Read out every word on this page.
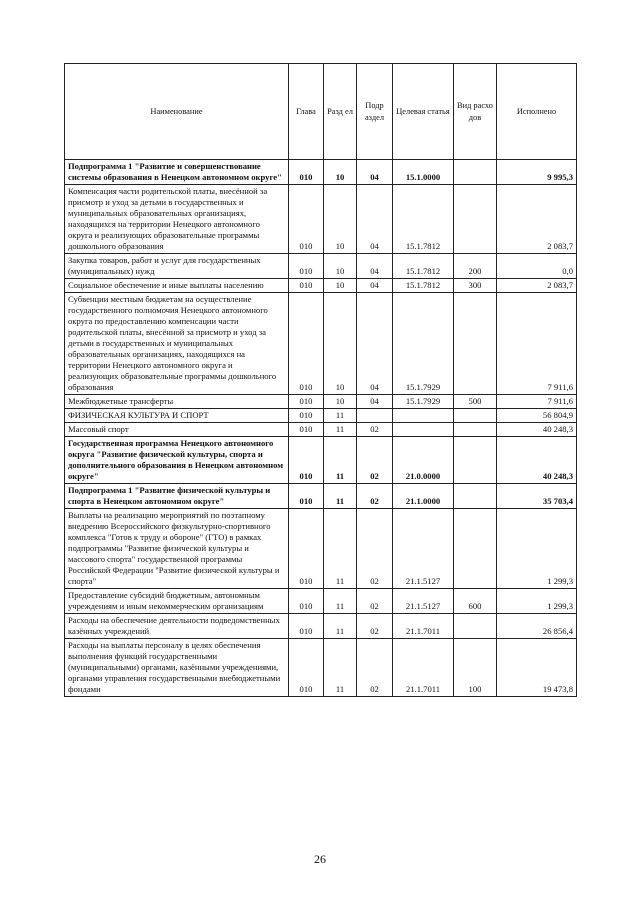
Наименование	Глава	Разд ел	Подр аздел	Целевая статья	Вид расхо дов	Исполнено
Подпрограмма 1 "Развитие и совершенствование системы образования в Ненецком автономном округе"	010	10	04	15.1.0000		9 995,3
Компенсация части родительской платы, внесённой за присмотр и уход за детьми в государственных и муниципальных образовательных организациях, находящихся на территории Ненецкого автономного округа и реализующих образовательные программы дошкольного образования	010	10	04	15.1.7812		2 083,7
Закупка товаров, работ и услуг для государственных (муниципальных) нужд	010	10	04	15.1.7812	200	0,0
Социальное обеспечение и иные выплаты населению	010	10	04	15.1.7812	300	2 083,7
Субвенции местным бюджетам на осуществление государственного полномочия Ненецкого автономного округа по предоставлению компенсации части родительской платы, внесённой за присмотр и уход за детьми в государственных и муниципальных образовательных организациях, находящихся на территории Ненецкого автономного округа и реализующих образовательные программы дошкольного образования	010	10	04	15.1.7929		7 911,6
Межбюджетные трансферты	010	10	04	15.1.7929	500	7 911,6
ФИЗИЧЕСКАЯ КУЛЬТУРА И СПОРТ	010	11				56 804,9
Массовый спорт	010	11	02			40 248,3
Государственная программа Ненецкого автономного округа "Развитие физической культуры, спорта и дополнительного образования в Ненецком автономном округе"	010	11	02	21.0.0000		40 248,3
Подпрограмма 1 "Развитие физической культуры и спорта в Ненецком автономном округе"	010	11	02	21.1.0000		35 703,4
Выплаты на реализацию мероприятий по поэтапному внедрению Всероссийского физкультурно-спортивного комплекса "Готов к труду и обороне" (ГТО) в рамках подпрограммы "Развитие физической культуры и массового спорта" государственной программы Российской Федерации "Развитие физической культуры и спорта"	010	11	02	21.1.5127		1 299,3
Предоставление субсидий бюджетным, автономным учреждениям и иным некоммерческим организациям	010	11	02	21.1.5127	600	1 299,3
Расходы на обеспечение деятельности подведомственных казённых учреждений	010	11	02	21.1.7011		26 856,4
Расходы на выплаты персоналу в целях обеспечения выполнения функций государственными (муниципальными) органами, казёнными учреждениями, органами управления государственными внебюджетными фондами	010	11	02	21.1.7011	100	19 473,8
26
